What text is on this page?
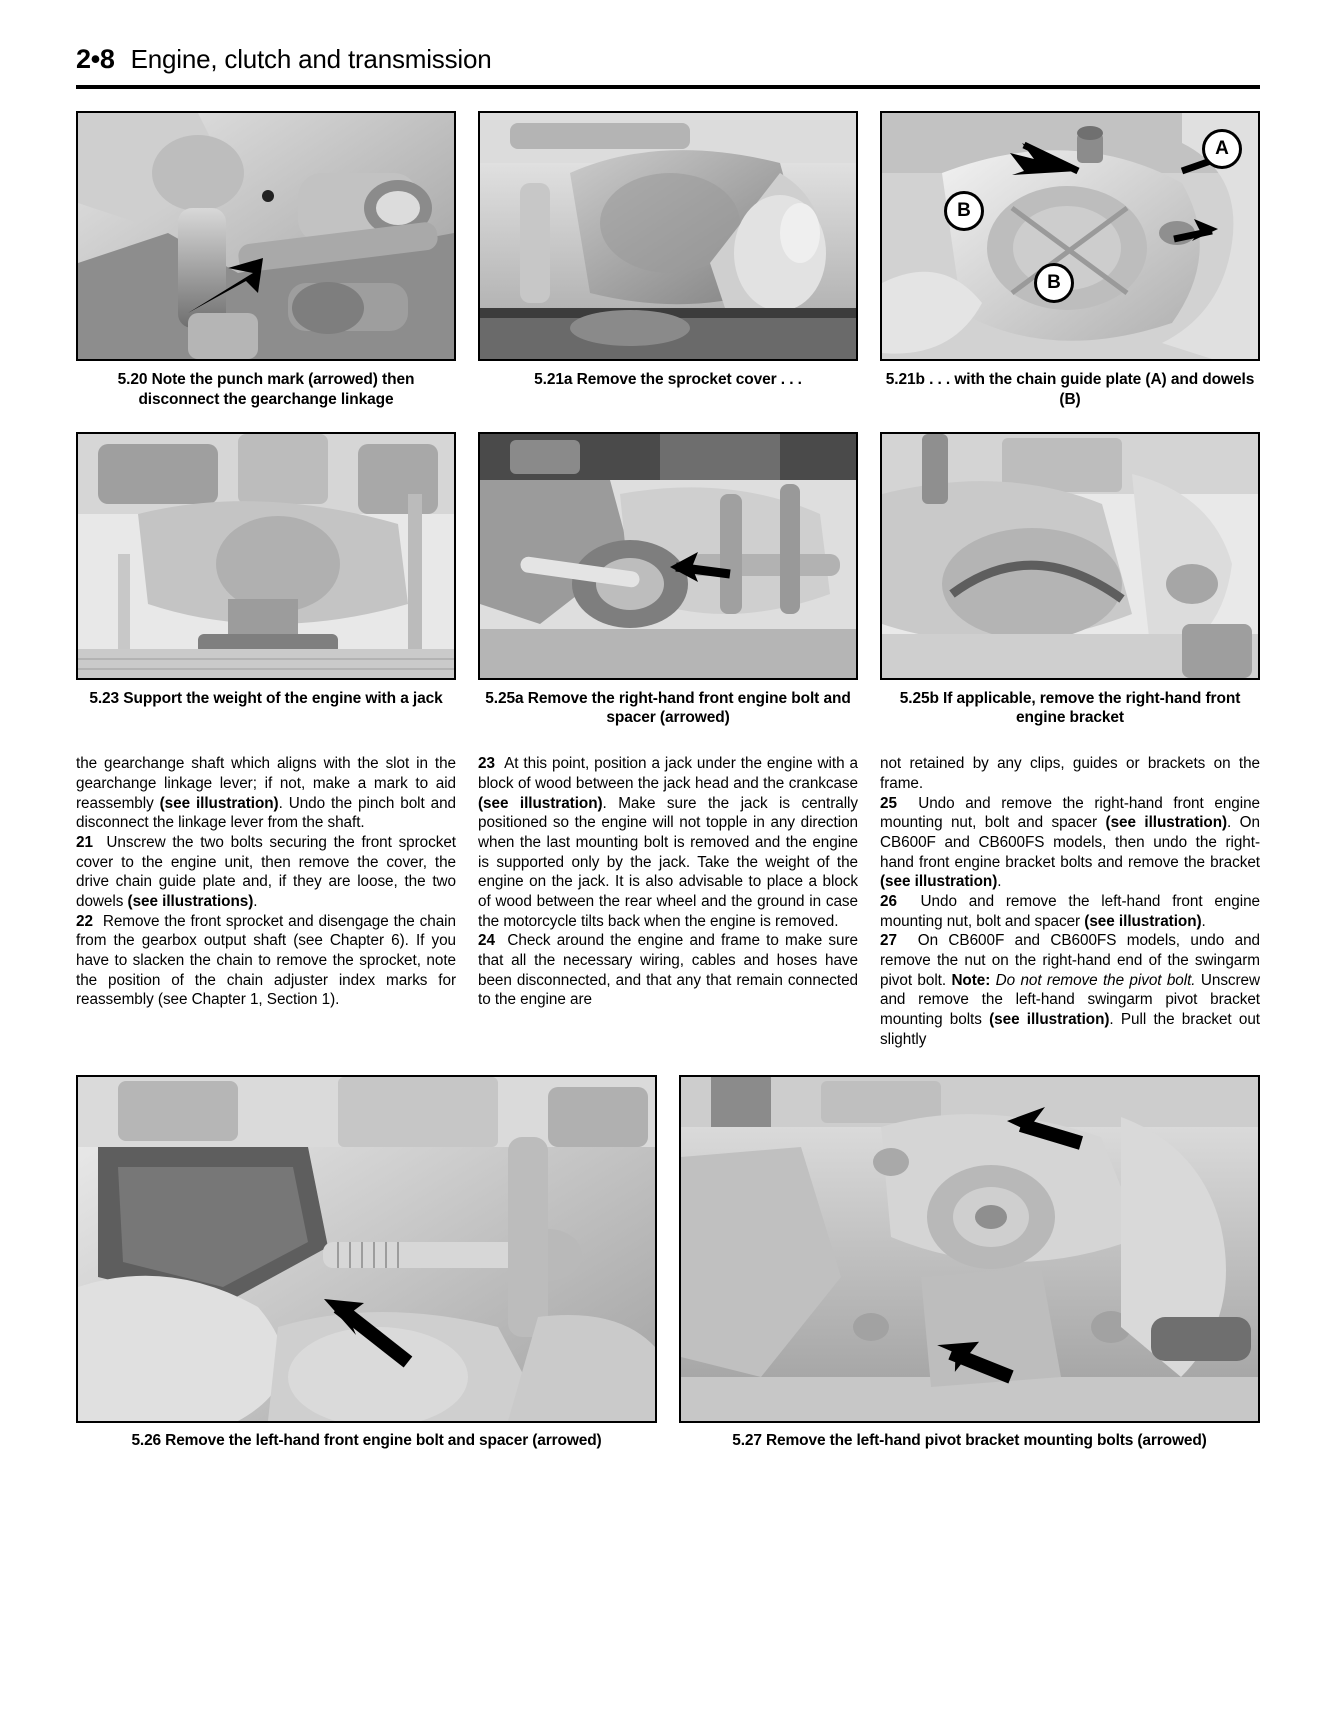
2•8 Engine, clutch and transmission
5.20 Note the punch mark (arrowed) then disconnect the gearchange linkage
5.21a Remove the sprocket cover . . .
A
B
B
5.21b . . . with the chain guide plate (A) and dowels (B)
5.23 Support the weight of the engine with a jack	5.25a Remove the right-hand front engine bolt and spacer (arrowed)
5.25b If applicable, remove the right-hand front engine bracket

the gearchange shaft which aligns with the slot in the gearchange linkage lever; if not, make a mark to aid reassembly (see illustration). Undo the pinch bolt and disconnect the linkage lever from the shaft.

21  Unscrew the two bolts securing the front sprocket cover to the engine unit, then remove the cover, the drive chain guide plate and, if they are loose, the two dowels (see illustrations).

22  Remove the front sprocket and disengage the chain from the gearbox output shaft (see Chapter 6). If you have to slacken the chain to remove the sprocket, note the position of the chain adjuster index marks for reassembly (see Chapter 1, Section 1).

23  At this point, position a jack under the engine with a block of wood between the jack head and the crankcase (see illustration). Make sure the jack is centrally positioned so the engine will not topple in any direction when the last mounting bolt is removed and the engine is supported only by the jack. Take the weight of the engine on the jack. It is also advisable to place a block of wood between the rear wheel and the ground in case the motorcycle tilts back when the engine is removed.

24  Check around the engine and frame to make sure that all the necessary wiring, cables and hoses have been disconnected, and that any that remain connected to the engine are

not retained by any clips, guides or brackets on the frame.

25  Undo and remove the right-hand front engine mounting nut, bolt and spacer (see illustration). On CB600F and CB600FS models, then undo the right-hand front engine bracket bolts and remove the bracket (see illustration).

26  Undo and remove the left-hand front engine mounting nut, bolt and spacer (see illustration).

27  On CB600F and CB600FS models, undo and remove the nut on the right-hand end of the swingarm pivot bolt. Note: Do not remove the pivot bolt. Unscrew and remove the left-hand swingarm pivot bracket mounting bolts (see illustration). Pull the bracket out slightly

5.26 Remove the left-hand front engine bolt and spacer (arrowed)	5.27 Remove the left-hand pivot bracket mounting bolts (arrowed)
